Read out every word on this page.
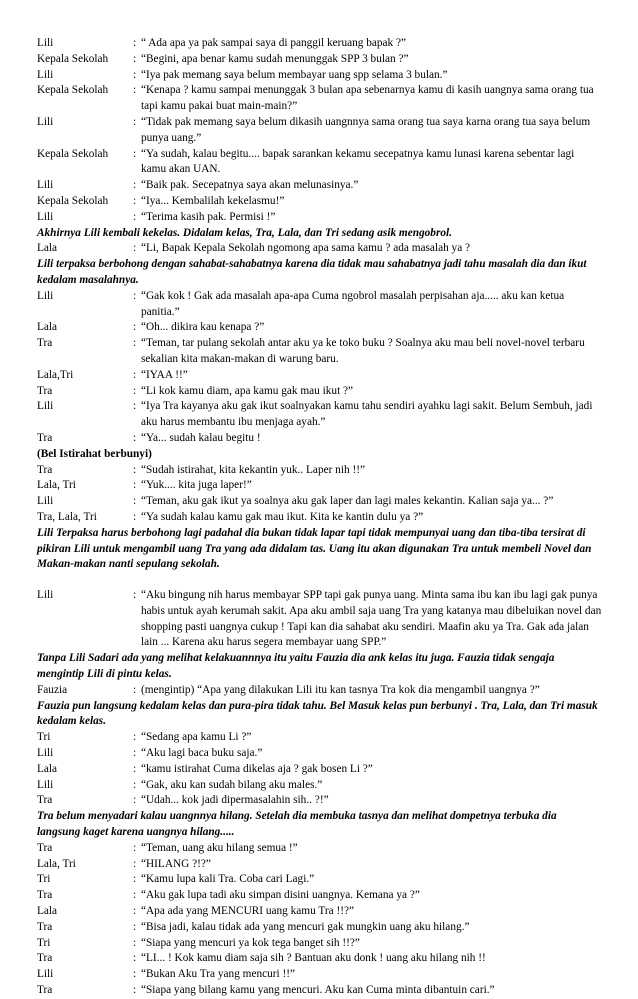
Lili	: “ Ada apa ya pak sampai saya di panggil keruang bapak ?”
Kepala Sekolah	: “Begini, apa benar kamu sudah menunggak SPP 3 bulan ?”
Lili	: “Iya pak memang saya belum membayar uang spp selama 3 bulan.”
Kepala Sekolah	: “Kenapa ? kamu sampai menunggak 3 bulan apa sebenarnya kamu di kasih uangnya sama orang tua tapi kamu pakai buat main-main?”
Lili	: “Tidak pak memang saya belum dikasih uangnnya sama orang tua saya karna orang tua saya belum punya uang.”
Kepala Sekolah	: “Ya sudah, kalau begitu.... bapak sarankan kekamu secepatnya kamu lunasi karena sebentar lagi kamu akan UAN.
Lili	: “Baik pak. Secepatnya saya akan melunasinya.”
Kepala Sekolah	: “Iya... Kembalilah kekelasmu!”
Lili	: “Terima kasih pak. Permisi !”
Akhirnya Lili kembali kekelas. Didalam kelas, Tra, Lala, dan Tri sedang asik mengobrol.
Lala	: “Li, Bapak Kepala Sekolah ngomong apa sama kamu ? ada masalah ya ?
Lili terpaksa berbohong dengan sahabat-sahabatnya karena dia tidak mau sahabatnya jadi tahu masalah dia dan ikut kedalam masalahnya.
Lili	: “Gak kok ! Gak ada masalah apa-apa Cuma ngobrol masalah perpisahan aja..... aku kan ketua panitia.”
Lala	: “Oh... dikira kau kenapa ?”
Tra	: “Teman, tar pulang sekolah antar aku ya ke toko buku ? Soalnya aku mau beli novel-novel terbaru sekalian kita makan-makan di warung baru.
Lala,Tri	: “IYAA !!”
Tra	: “Li kok kamu diam, apa kamu gak mau ikut ?”
Lili	: “Iya Tra kayanya aku gak ikut soalnyakan kamu tahu sendiri ayahku lagi sakit. Belum Sembuh, jadi aku harus membantu ibu menjaga ayah.”
Tra	: “Ya... sudah kalau begitu !
(Bel Istirahat berbunyi)
Tra	: “Sudah istirahat, kita kekantin yuk.. Laper nih !!”
Lala, Tri	: “Yuk.... kita juga laper!”
Lili	: “Teman, aku gak ikut ya soalnya aku gak laper dan lagi males kekantin. Kalian saja ya... ?”
Tra, Lala, Tri	: “Ya sudah kalau kamu gak mau ikut. Kita ke kantin dulu ya ?”
Lili Terpaksa harus berbohong lagi padahal dia bukan tidak lapar tapi tidak mempunyai uang dan tiba-tiba tersirat di pikiran Lili untuk mengambil uang Tra yang ada didalam tas. Uang itu akan digunakan Tra untuk membeli Novel dan Makan-makan nanti sepulang sekolah.
Lili	: “Aku bingung nih harus membayar SPP tapi gak punya uang. Minta sama ibu kan ibu lagi gak punya habis untuk ayah kerumah sakit. Apa aku ambil saja uang Tra yang katanya mau dibeluikan novel dan shopping pasti uangnya cukup ! Tapi kan dia sahabat aku sendiri. Maafin aku ya Tra. Gak ada jalan lain ... Karena aku harus segera membayar uang SPP.”
Tanpa Lili Sadari ada yang melihat kelakuannnya itu yaitu Fauzia dia ank kelas itu juga. Fauzia tidak sengaja mengintip Lili di pintu kelas.
Fauzia	: (mengintip) “Apa yang dilakukan Lili itu kan tasnya Tra kok dia mengambil uangnya ?”
Fauzia pun langsung kedalam kelas dan pura-pira tidak tahu. Bel Masuk kelas pun berbunyi . Tra, Lala, dan Tri masuk kedalam kelas.
Tri	: “Sedang apa kamu Li ?”
Lili	: “Aku lagi baca buku saja.”
Lala	: “kamu istirahat Cuma dikelas aja ? gak bosen Li ?”
Lili	: “Gak, aku kan sudah bilang aku males.”
Tra	: “Udah... kok jadi dipermasalahin sih.. ?!”
Tra belum menyadari kalau uangnnya hilang. Setelah dia membuka tasnya dan melihat dompetnya terbuka dia langsung kaget karena uangnya hilang.....
Tra	: “Teman, uang aku hilang semua !”
Lala, Tri	: “HILANG ?!?”
Tri	: “Kamu lupa kali Tra. Coba cari Lagi.”
Tra	: “Aku gak lupa tadi aku simpan disini uangnya. Kemana ya ?”
Lala	: “Apa ada yang MENCURI uang kamu Tra !!?”
Tra	: “Bisa jadi, kalau tidak ada yang mencuri gak mungkin uang aku hilang.”
Tri	: “Siapa yang mencuri ya kok tega banget sih !!?”
Tra	: “LI... ! Kok kamu diam saja sih ? Bantuan aku donk ! uang aku hilang nih !!
Lili	: “Bukan Aku Tra yang mencuri !!”
Tra	: “Siapa yang bilang kamu yang mencuri. Aku kan Cuma minta dibantuin cari.”
